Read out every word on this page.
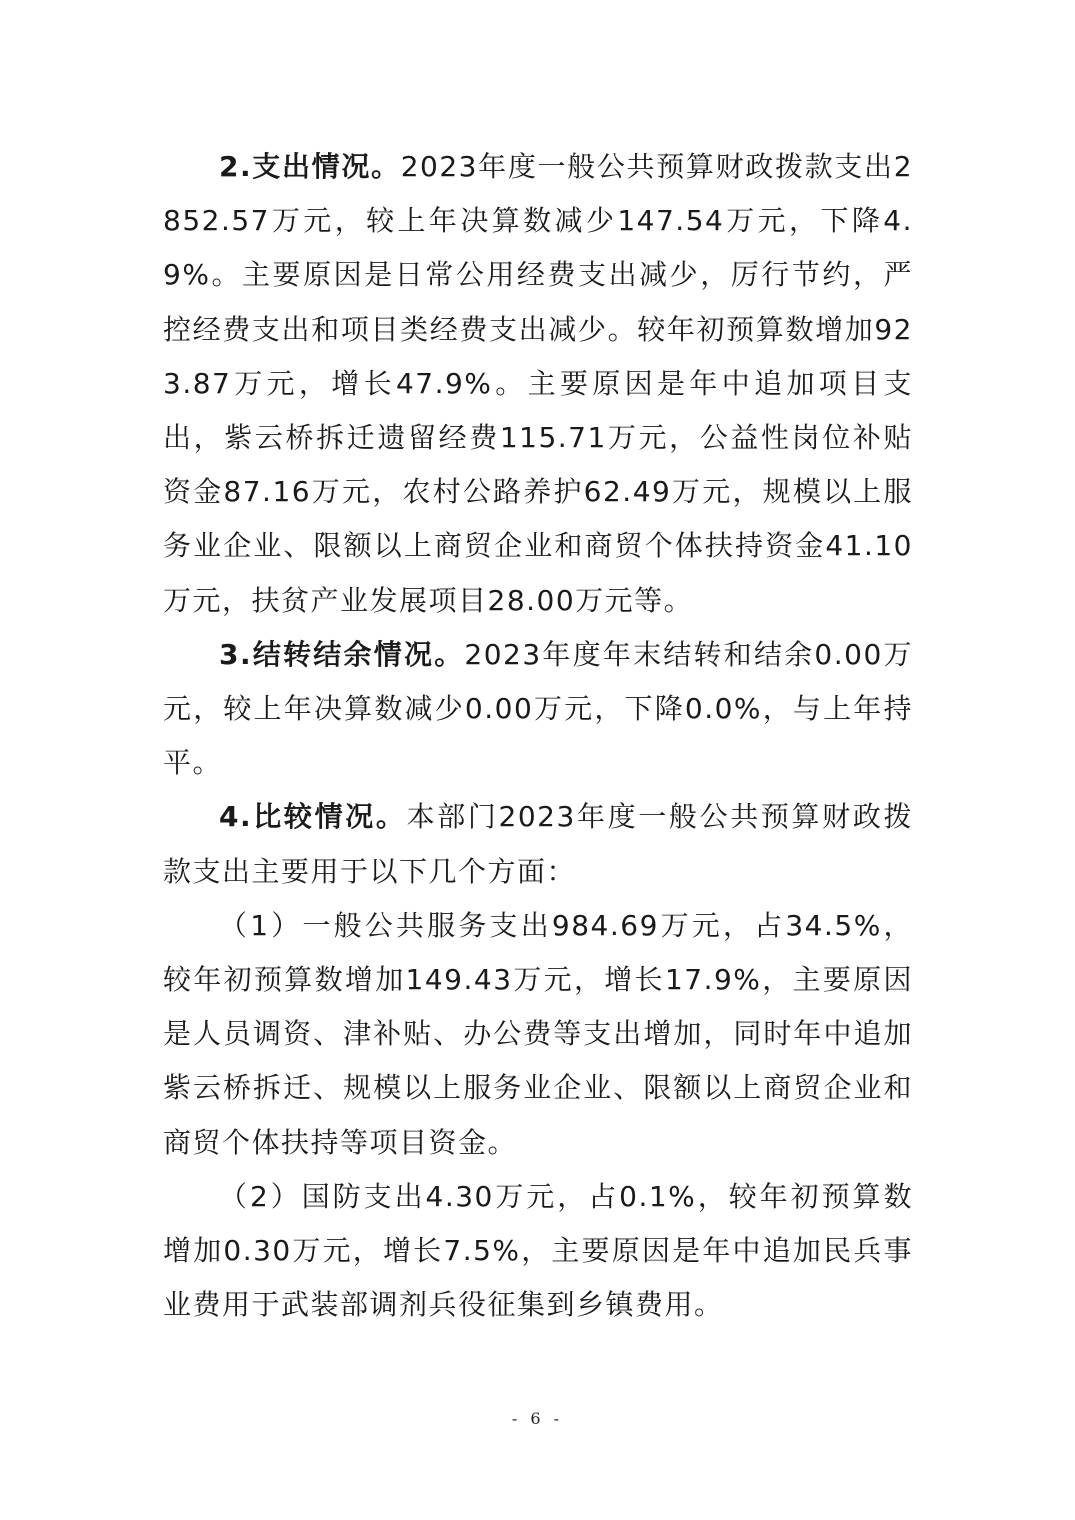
2.支出情况。2023年度一般公共预算财政拨款支出2852.57万元，较上年决算数减少147.54万元，下降4.9%。主要原因是日常公用经费支出减少，厉行节约，严控经费支出和项目类经费支出减少。较年初预算数增加923.87万元，增长47.9%。主要原因是年中追加项目支出，紫云桥拆迁遗留经费115.71万元，公益性岗位补贴资金87.16万元，农村公路养护62.49万元，规模以上服务业企业、限额以上商贸企业和商贸个体扶持资金41.10万元，扶贫产业发展项目28.00万元等。

3.结转结余情况。2023年度年末结转和结余0.00万元，较上年决算数减少0.00万元，下降0.0%，与上年持平。

4.比较情况。本部门2023年度一般公共预算财政拨款支出主要用于以下几个方面：

（1）一般公共服务支出984.69万元，占34.5%，较年初预算数增加149.43万元，增长17.9%，主要原因是人员调资、津补贴、办公费等支出增加，同时年中追加紫云桥拆迁、规模以上服务业企业、限额以上商贸企业和商贸个体扶持等项目资金。

（2）国防支出4.30万元，占0.1%，较年初预算数增加0.30万元，增长7.5%，主要原因是年中追加民兵事业费用于武装部调剂兵役征集到乡镇费用。

- 6 -
